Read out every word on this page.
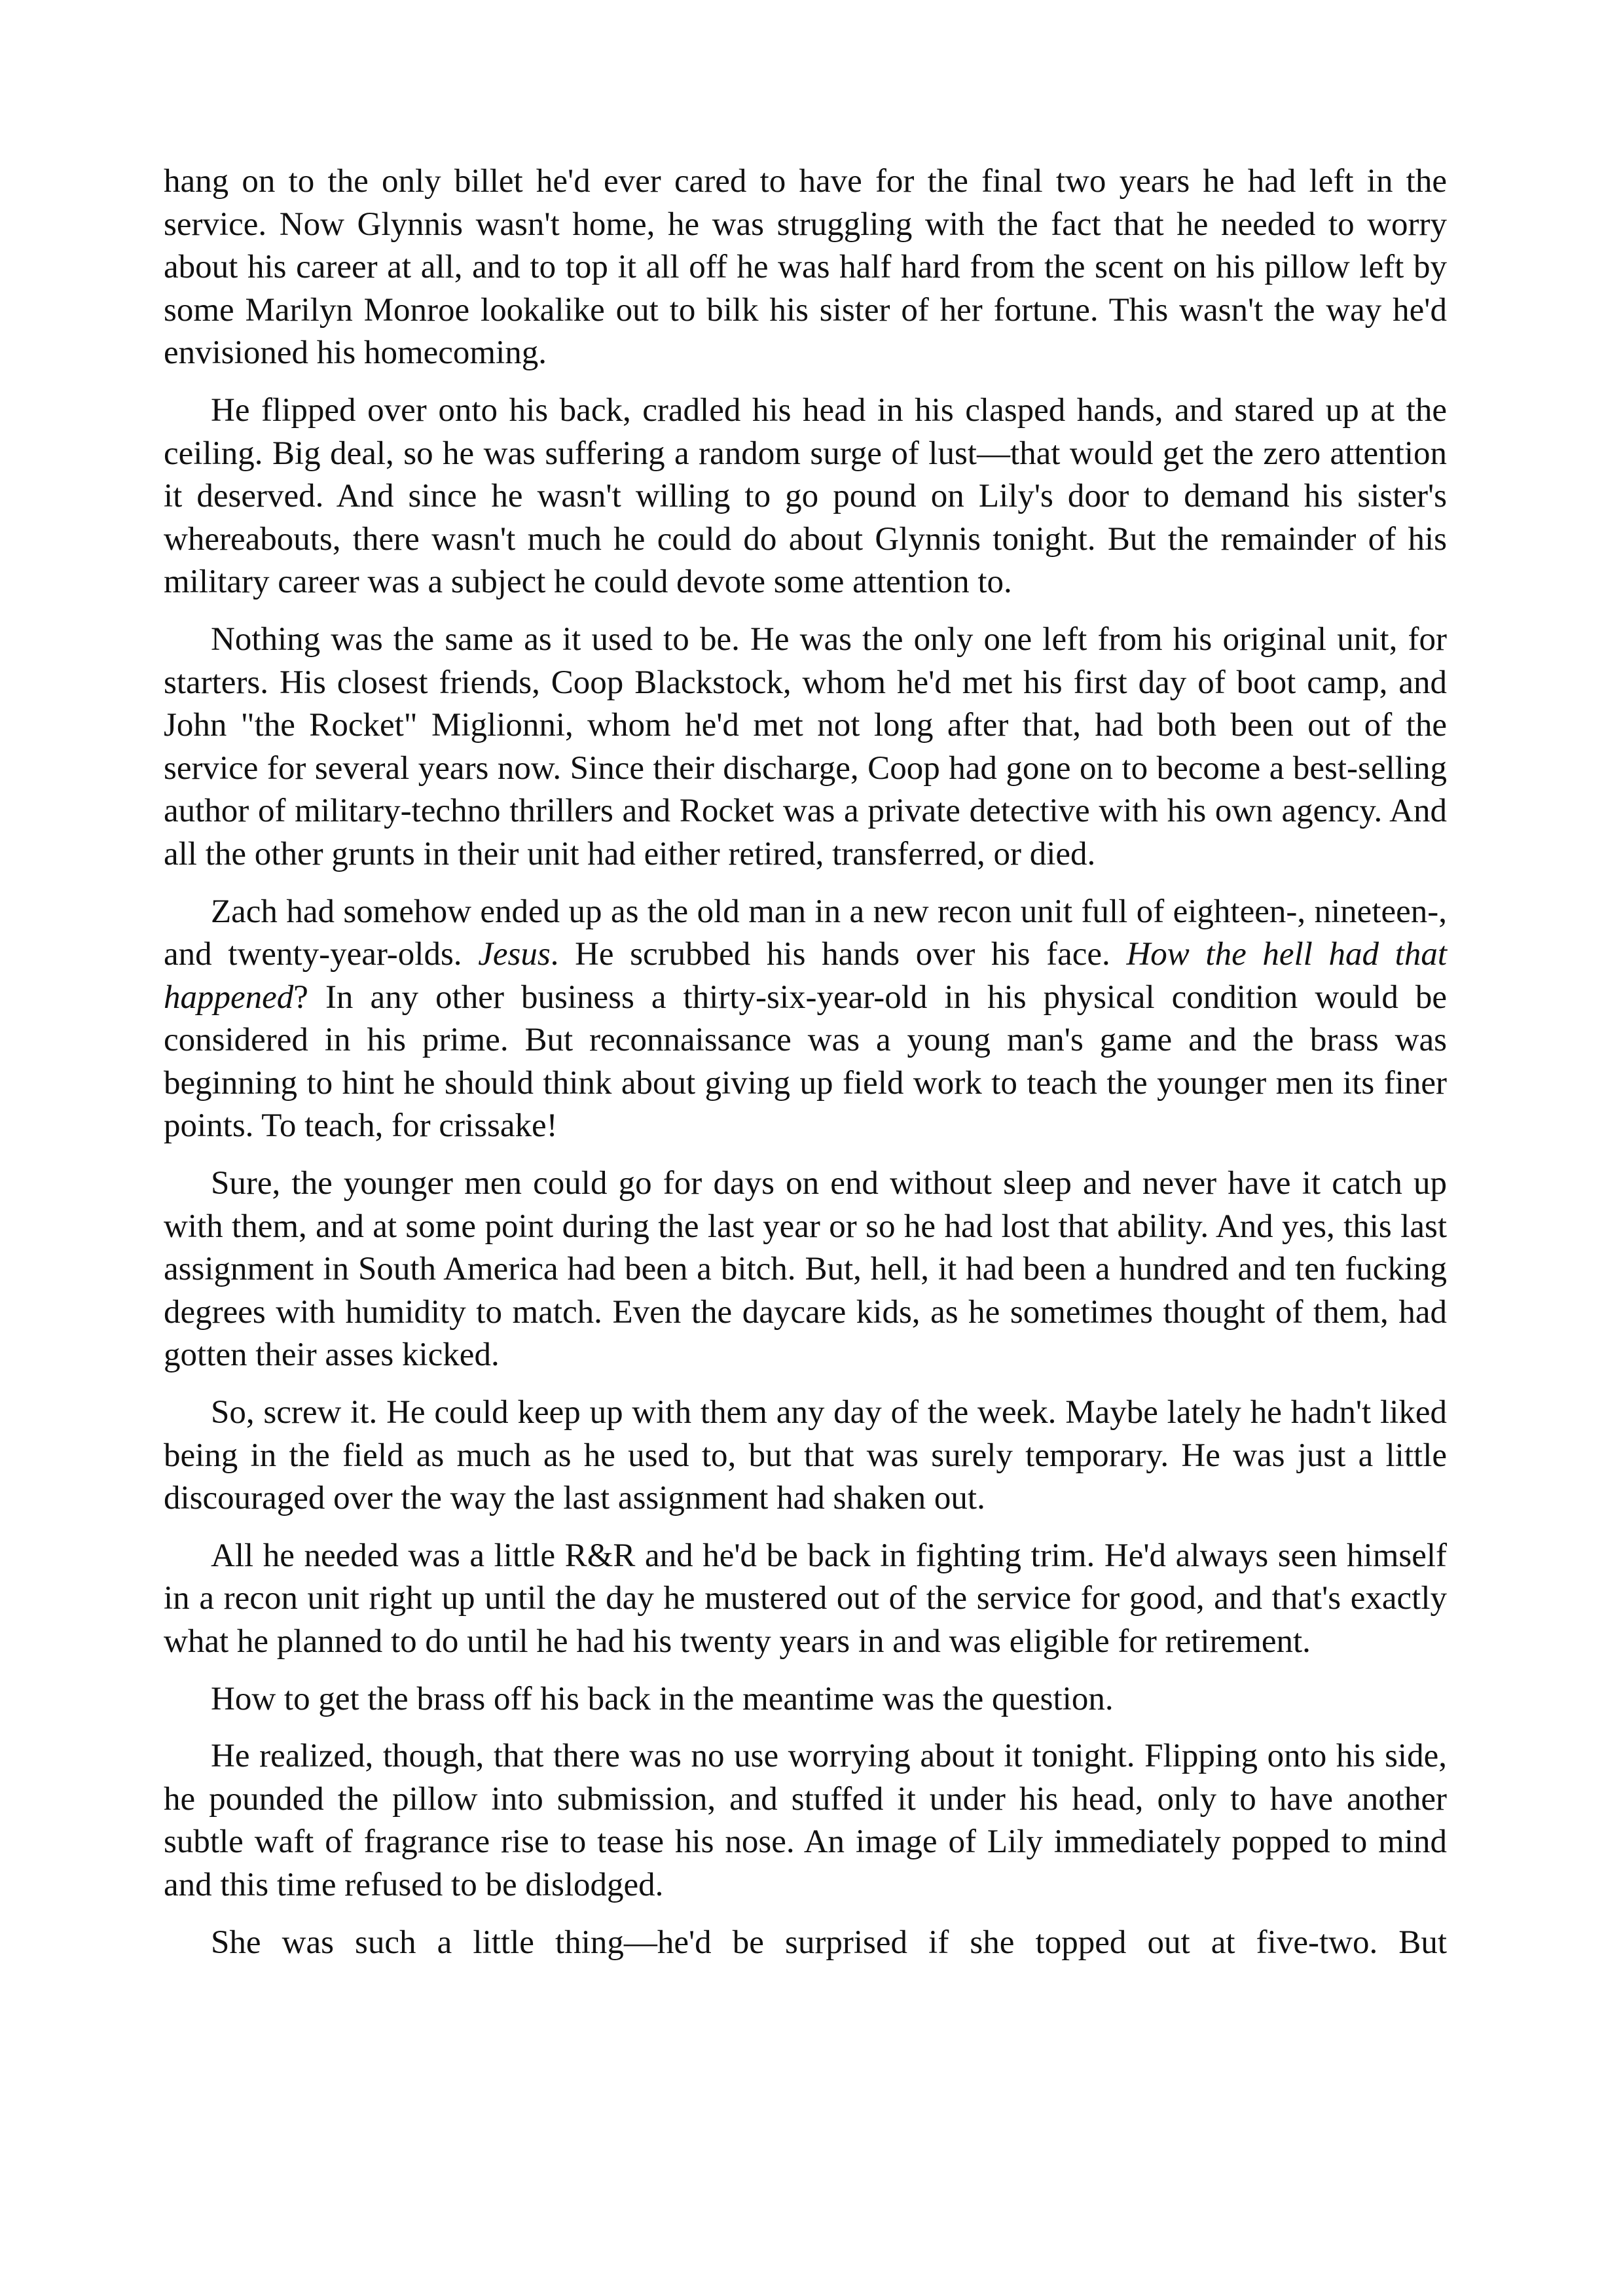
hang on to the only billet he'd ever cared to have for the final two years he had left in the service. Now Glynnis wasn't home, he was struggling with the fact that he needed to worry about his career at all, and to top it all off he was half hard from the scent on his pillow left by some Marilyn Monroe lookalike out to bilk his sister of her fortune. This wasn't the way he'd envisioned his homecoming.

He flipped over onto his back, cradled his head in his clasped hands, and stared up at the ceiling. Big deal, so he was suffering a random surge of lust—that would get the zero attention it deserved. And since he wasn't willing to go pound on Lily's door to demand his sister's whereabouts, there wasn't much he could do about Glynnis tonight. But the remainder of his military career was a subject he could devote some attention to.

Nothing was the same as it used to be. He was the only one left from his original unit, for starters. His closest friends, Coop Blackstock, whom he'd met his first day of boot camp, and John "the Rocket" Miglionni, whom he'd met not long after that, had both been out of the service for several years now. Since their discharge, Coop had gone on to become a best-selling author of military-techno thrillers and Rocket was a private detective with his own agency. And all the other grunts in their unit had either retired, transferred, or died.

Zach had somehow ended up as the old man in a new recon unit full of eighteen-, nineteen-, and twenty-year-olds. Jesus. He scrubbed his hands over his face. How the hell had that happened? In any other business a thirty-six-year-old in his physical condition would be considered in his prime. But reconnaissance was a young man's game and the brass was beginning to hint he should think about giving up field work to teach the younger men its finer points. To teach, for crissake!

Sure, the younger men could go for days on end without sleep and never have it catch up with them, and at some point during the last year or so he had lost that ability. And yes, this last assignment in South America had been a bitch. But, hell, it had been a hundred and ten fucking degrees with humidity to match. Even the daycare kids, as he sometimes thought of them, had gotten their asses kicked.

So, screw it. He could keep up with them any day of the week. Maybe lately he hadn't liked being in the field as much as he used to, but that was surely temporary. He was just a little discouraged over the way the last assignment had shaken out.

All he needed was a little R&R and he'd be back in fighting trim. He'd always seen himself in a recon unit right up until the day he mustered out of the service for good, and that's exactly what he planned to do until he had his twenty years in and was eligible for retirement.

How to get the brass off his back in the meantime was the question.

He realized, though, that there was no use worrying about it tonight. Flipping onto his side, he pounded the pillow into submission, and stuffed it under his head, only to have another subtle waft of fragrance rise to tease his nose. An image of Lily immediately popped to mind and this time refused to be dislodged.

She was such a little thing—he'd be surprised if she topped out at five-two. But
